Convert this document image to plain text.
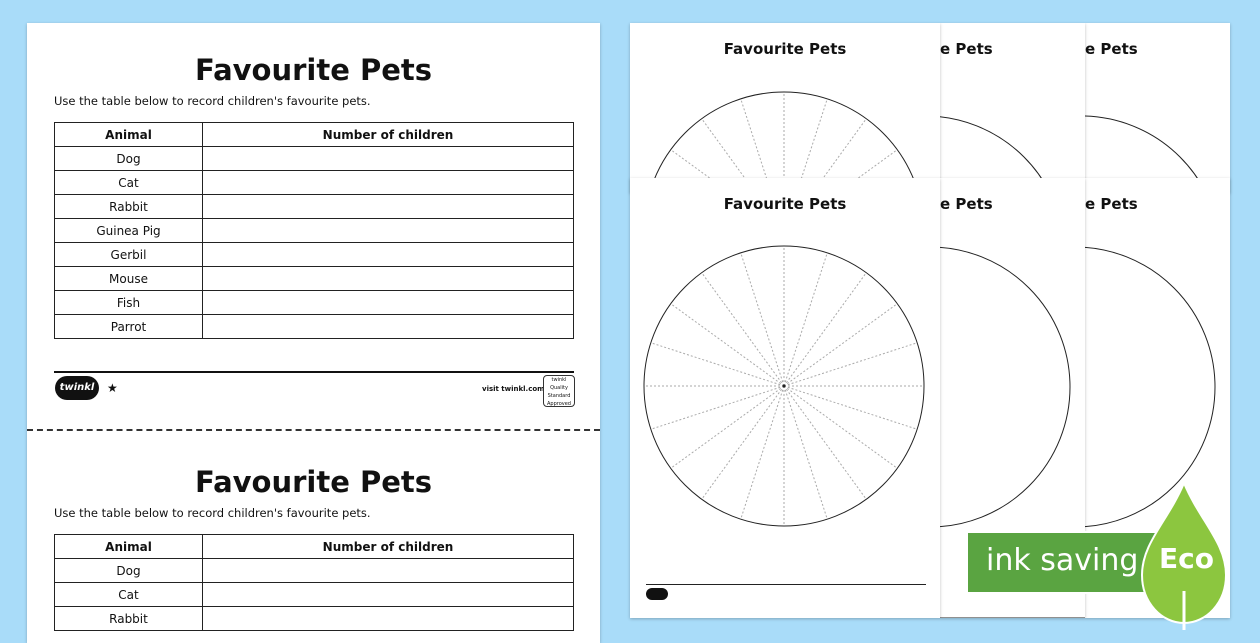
Favourite Pets
Use the table below to record children's favourite pets.
Animal	Number of children
Dog	
Cat	
Rabbit	
Guinea Pig	
Gerbil	
Mouse	
Fish	
Parrot	
twinkl	★	visit twinkl.com
twinkl Quality Standard Approved
Favourite Pets
Use the table below to record children's favourite pets.
Animal	Number of children
Dog	
Cat	
Rabbit	
e Pets
e Pets
Favourite Pets
e Pets
e Pets
Favourite Pets
ink saving Eco
